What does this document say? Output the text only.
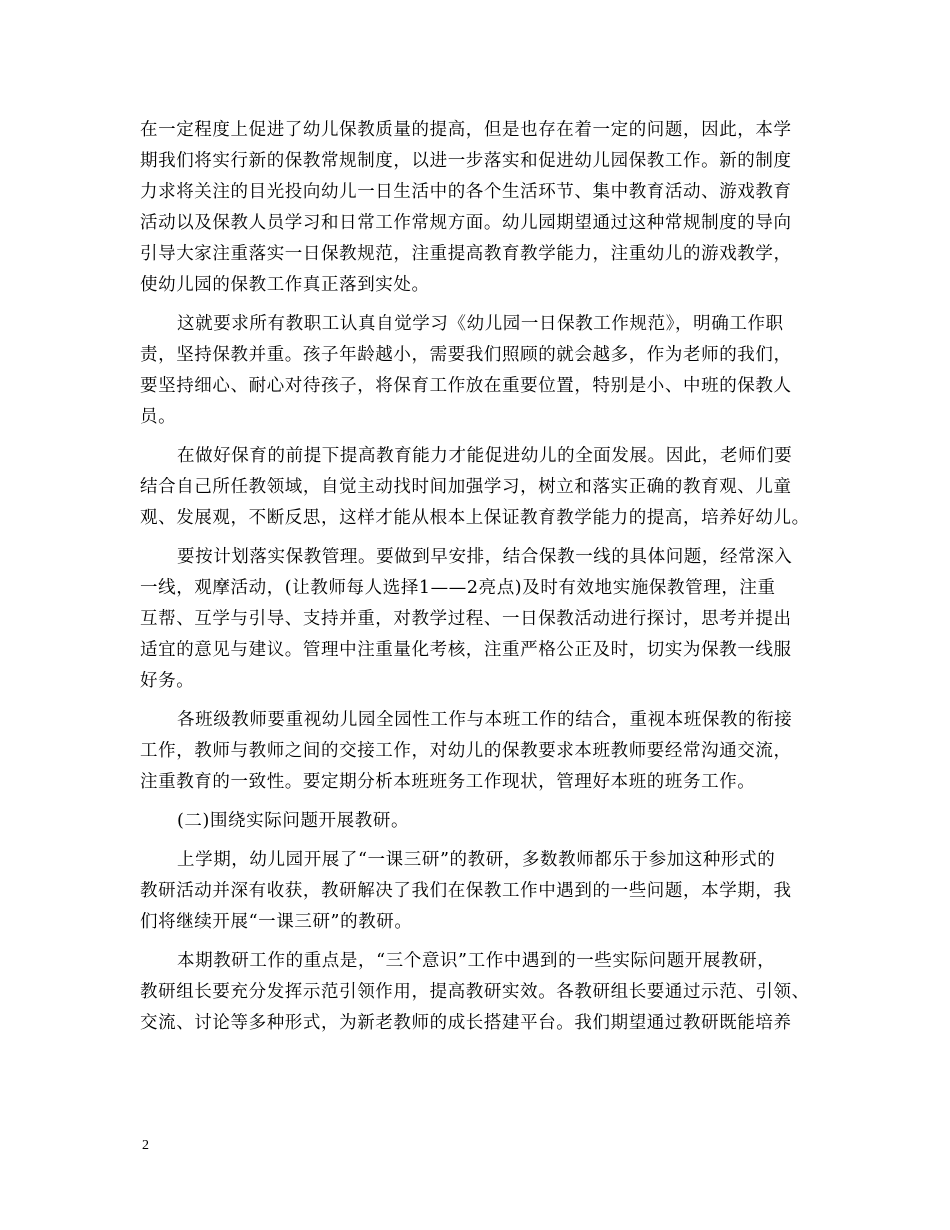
在一定程度上促进了幼儿保教质量的提高，但是也存在着一定的问题，因此，本学
期我们将实行新的保教常规制度，以进一步落实和促进幼儿园保教工作。新的制度
力求将关注的目光投向幼儿一日生活中的各个生活环节、集中教育活动、游戏教育
活动以及保教人员学习和日常工作常规方面。幼儿园期望通过这种常规制度的导向
引导大家注重落实一日保教规范，注重提高教育教学能力，注重幼儿的游戏教学，
使幼儿园的保教工作真正落到实处。
这就要求所有教职工认真自觉学习《幼儿园一日保教工作规范》，明确工作职
责，坚持保教并重。孩子年龄越小，需要我们照顾的就会越多，作为老师的我们，
要坚持细心、耐心对待孩子，将保育工作放在重要位置，特别是小、中班的保教人
员。
在做好保育的前提下提高教育能力才能促进幼儿的全面发展。因此，老师们要
结合自己所任教领域，自觉主动找时间加强学习，树立和落实正确的教育观、儿童
观、发展观，不断反思，这样才能从根本上保证教育教学能力的提高，培养好幼儿。
要按计划落实保教管理。要做到早安排，结合保教一线的具体问题，经常深入
一线，观摩活动，(让教师每人选择1——2亮点)及时有效地实施保教管理，注重
互帮、互学与引导、支持并重，对教学过程、一日保教活动进行探讨，思考并提出
适宜的意见与建议。管理中注重量化考核，注重严格公正及时，切实为保教一线服
好务。
各班级教师要重视幼儿园全园性工作与本班工作的结合，重视本班保教的衔接
工作，教师与教师之间的交接工作，对幼儿的保教要求本班教师要经常沟通交流，
注重教育的一致性。要定期分析本班班务工作现状，管理好本班的班务工作。
(二)围绕实际问题开展教研。
上学期，幼儿园开展了“一课三研”的教研，多数教师都乐于参加这种形式的
教研活动并深有收获，教研解决了我们在保教工作中遇到的一些问题，本学期，我
们将继续开展“一课三研”的教研。
本期教研工作的重点是，“三个意识”工作中遇到的一些实际问题开展教研，
教研组长要充分发挥示范引领作用，提高教研实效。各教研组长要通过示范、引领、
交流、讨论等多种形式，为新老教师的成长搭建平台。我们期望通过教研既能培养
2
